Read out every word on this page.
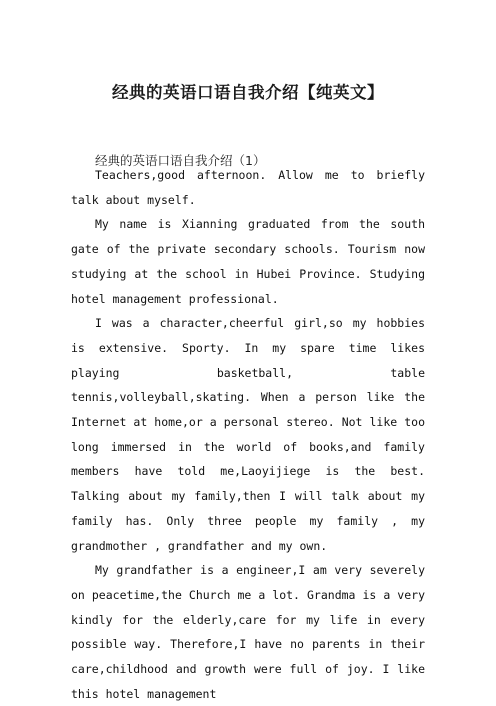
经典的英语口语自我介绍【纯英文】
经典的英语口语自我介绍（1）

Teachers,good afternoon. Allow me to briefly talk about myself.

My name is Xianning graduated from the south gate of the private secondary schools. Tourism now studying at the school in Hubei Province. Studying hotel management professional.

I was a character,cheerful girl,so my hobbies is extensive. Sporty. In my spare time likes playing basketball, table tennis,volleyball,skating. When a person like the Internet at home,or a personal stereo. Not like too long immersed in the world of books,and family members have told me,Laoyijiege is the best. Talking about my family,then I will talk about my family has. Only three people my family , my grandmother , grandfather and my own.

My grandfather is a engineer,I am very severely on peacetime,the Church me a lot. Grandma is a very kindly for the elderly,care for my life in every possible way. Therefore,I have no parents in their care,childhood and growth were full of joy. I like this hotel management
